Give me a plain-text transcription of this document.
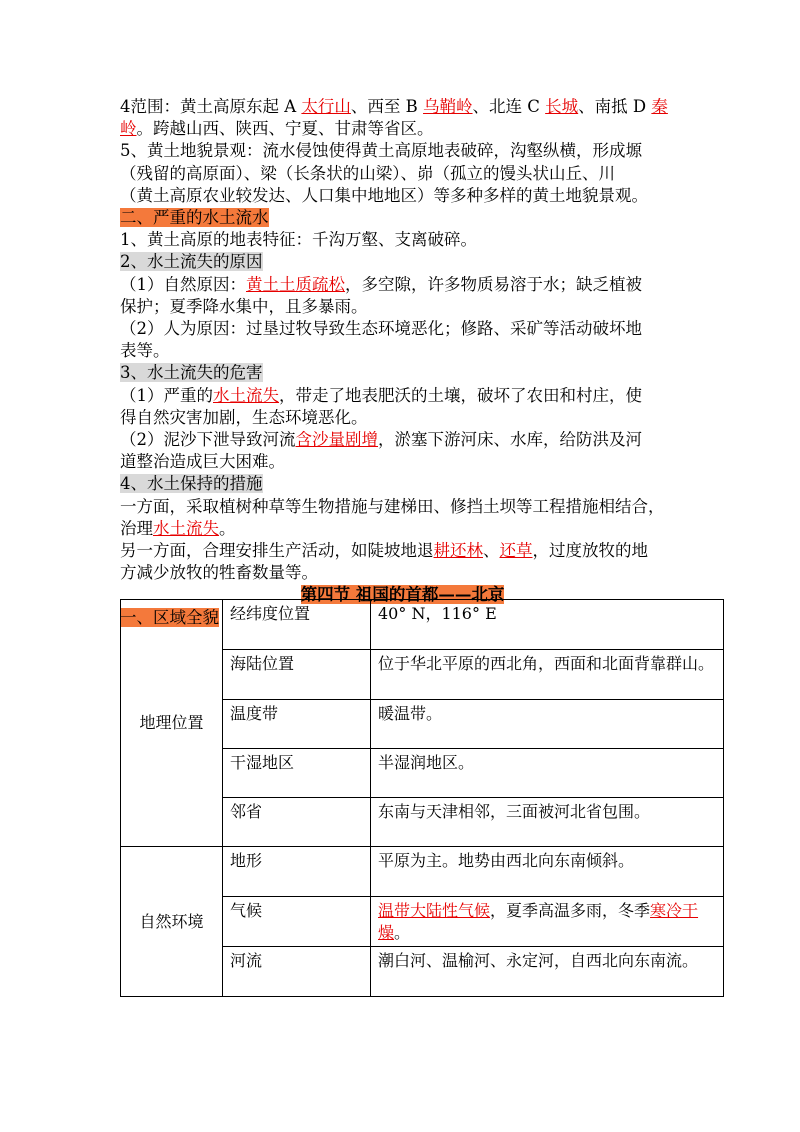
4范围：黄土高原东起 A 太行山、西至 B 乌鞘岭、北连 C 长城、南抵 D 秦

岭。跨越山西、陕西、宁夏、甘肃等省区。

5、黄土地貌景观：流水侵蚀使得黄土高原地表破碎，沟壑纵横，形成塬

（残留的高原面）、梁（长条状的山梁）、峁（孤立的馒头状山丘、川

（黄土高原农业较发达、人口集中地地区）等多种多样的黄土地貌景观。

二、严重的水土流水

1、黄土高原的地表特征：千沟万壑、支离破碎。

2、水土流失的原因

（1）自然原因：黄土土质疏松，多空隙，许多物质易溶于水；缺乏植被

保护；夏季降水集中，且多暴雨。

（2）人为原因：过垦过牧导致生态环境恶化；修路、采矿等活动破坏地

表等。

3、水土流失的危害

（1）严重的水土流失，带走了地表肥沃的土壤，破坏了农田和村庄，使

得自然灾害加剧，生态环境恶化。

（2）泥沙下泄导致河流含沙量剧增，淤塞下游河床、水库，给防洪及河

道整治造成巨大困难。

4、水土保持的措施

一方面，采取植树种草等生物措施与建梯田、修挡土坝等工程措施相结合，

治理水土流失。

另一方面，合理安排生产活动，如陡坡地退耕还林、还草，过度放牧的地

方减少放牧的牲畜数量等。

第四节 祖国的首都——北京

一、区域全貌

地理位置	经纬度位置	40° N，116° E
	海陆位置	位于华北平原的西北角，西面和北面背靠群山。
	温度带	暖温带。
	干湿地区	半湿润地区。
	邻省	东南与天津相邻，三面被河北省包围。
自然环境	地形	平原为主。地势由西北向东南倾斜。
	气候	温带大陆性气候，夏季高温多雨，冬季寒冷干燥。
	河流	潮白河、温榆河、永定河，自西北向东南流。
